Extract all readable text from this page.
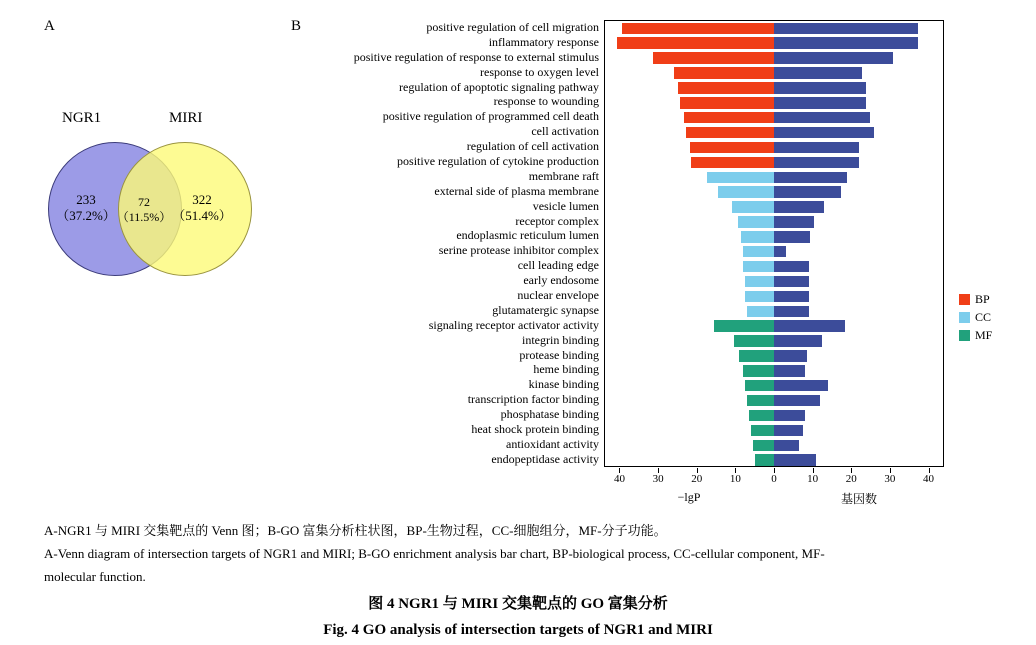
A	B
NGR1	MIRI
233
（37.2%）
72
（11.5%）
322
（51.4%）
positive regulation of cell migration
inflammatory response
positive regulation of response to external stimulus
response to oxygen level
regulation of apoptotic signaling pathway
response to wounding
positive regulation of programmed cell death
cell activation
regulation of cell activation
positive regulation of cytokine production
membrane raft
external side of plasma membrane
vesicle lumen
receptor complex
endoplasmic reticulum lumen
serine protease inhibitor complex
cell leading edge
early endosome
nuclear envelope
glutamatergic synapse
signaling receptor activator activity
integrin binding
protease binding
heme binding
kinase binding
transcription factor binding
phosphatase binding
heat shock protein binding
antioxidant activity
endopeptidase activity
40	30	20	10	0	10	20	30	40
−lgP	基因数
BP
CC
MF
A-NGR1 与 MIRI 交集靶点的 Venn 图；B-GO 富集分析柱状图，BP-生物过程，CC-细胞组分，MF-分子功能。
A-Venn diagram of intersection targets of NGR1 and MIRI; B-GO enrichment analysis bar chart, BP-biological process, CC-cellular component, MF-
molecular function.
图 4 NGR1 与 MIRI 交集靶点的 GO 富集分析
Fig. 4 GO analysis of intersection targets of NGR1 and MIRI
